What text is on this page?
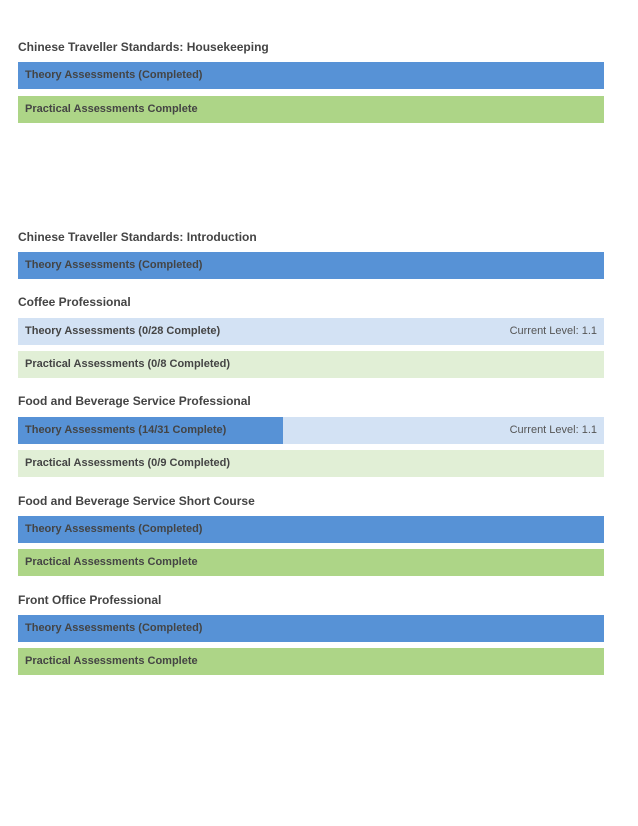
Chinese Traveller Standards: Housekeeping
Theory Assessments (Completed)
Practical Assessments Complete
Chinese Traveller Standards: Introduction
Theory Assessments (Completed)
Coffee Professional
Theory Assessments (0/28 Complete)	Current Level: 1.1
Practical Assessments (0/8 Completed)
Food and Beverage Service Professional
Theory Assessments (14/31 Complete)	Current Level: 1.1
Practical Assessments (0/9 Completed)
Food and Beverage Service Short Course
Theory Assessments (Completed)
Practical Assessments Complete
Front Office Professional
Theory Assessments (Completed)
Practical Assessments Complete
